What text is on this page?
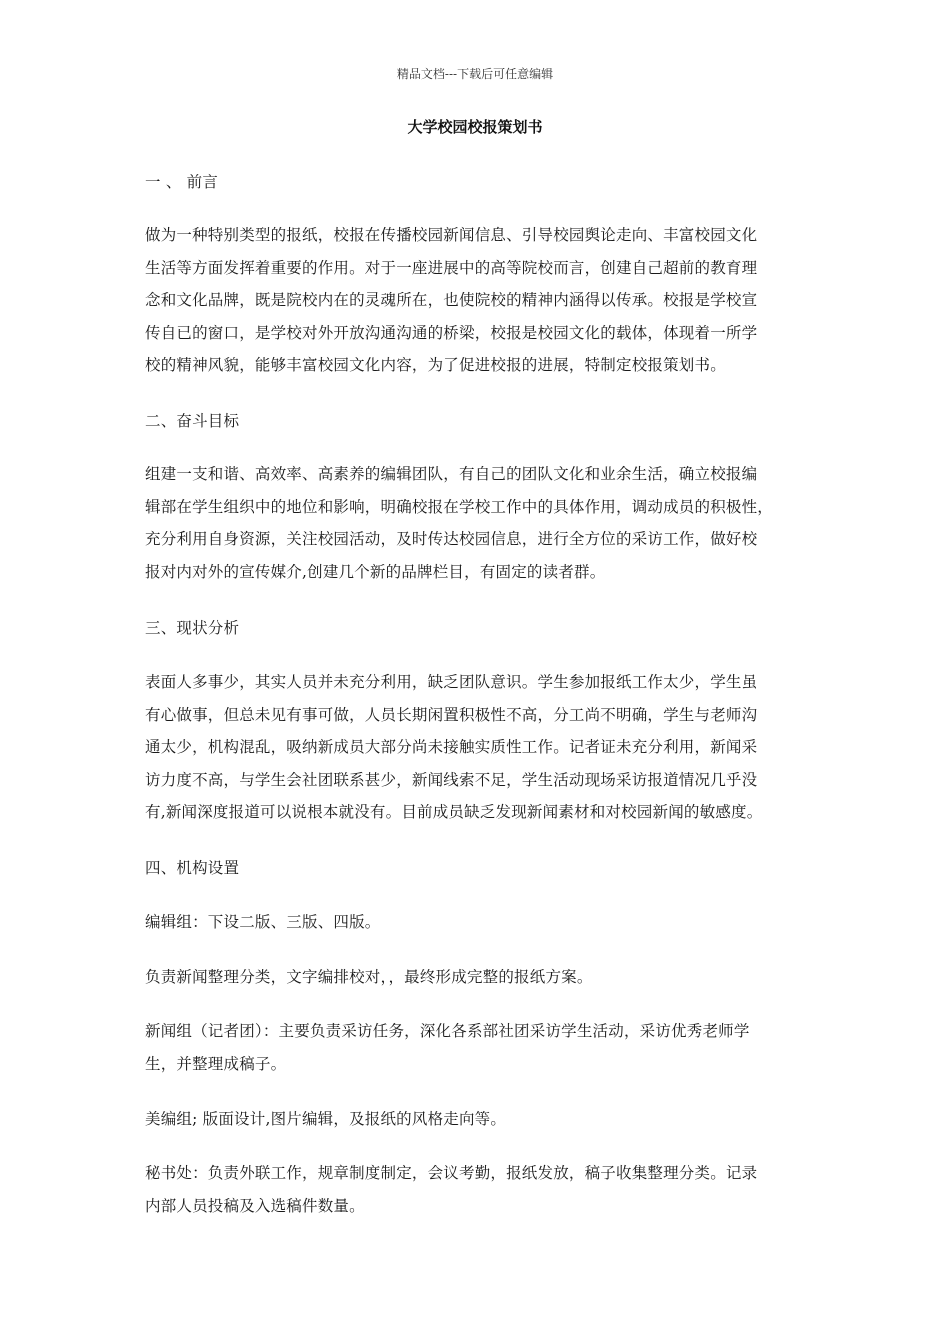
精品文档---下载后可任意编辑
大学校园校报策划书
一 、 前言
做为一种特别类型的报纸，校报在传播校园新闻信息、引导校园舆论走向、丰富校园文化
生活等方面发挥着重要的作用。对于一座进展中的高等院校而言，创建自己超前的教育理
念和文化品牌，既是院校内在的灵魂所在，也使院校的精神内涵得以传承。校报是学校宣
传自已的窗口，是学校对外开放沟通沟通的桥梁，校报是校园文化的载体，体现着一所学
校的精神风貌，能够丰富校园文化内容，为了促进校报的进展，特制定校报策划书。
二、奋斗目标
组建一支和谐、高效率、高素养的编辑团队，有自己的团队文化和业余生活，确立校报编
辑部在学生组织中的地位和影响，明确校报在学校工作中的具体作用，调动成员的积极性，
充分利用自身资源，关注校园活动，及时传达校园信息，进行全方位的采访工作，做好校
报对内对外的宣传媒介,创建几个新的品牌栏目，有固定的读者群。
三、现状分析
表面人多事少，其实人员并未充分利用，缺乏团队意识。学生参加报纸工作太少，学生虽
有心做事，但总未见有事可做，人员长期闲置积极性不高，分工尚不明确，学生与老师沟
通太少，机构混乱，吸纳新成员大部分尚未接触实质性工作。记者证未充分利用，新闻采
访力度不高，与学生会社团联系甚少，新闻线索不足，学生活动现场采访报道情况几乎没
有,新闻深度报道可以说根本就没有。目前成员缺乏发现新闻素材和对校园新闻的敏感度。
四、机构设置
编辑组：下设二版、三版、四版。
负责新闻整理分类，文字编排校对，，最终形成完整的报纸方案。
新闻组（记者团）：主要负责采访任务，深化各系部社团采访学生活动，采访优秀老师学
生，并整理成稿子。
美编组; 版面设计,图片编辑，及报纸的风格走向等。
秘书处：负责外联工作，规章制度制定，会议考勤，报纸发放，稿子收集整理分类。记录
内部人员投稿及入选稿件数量。
